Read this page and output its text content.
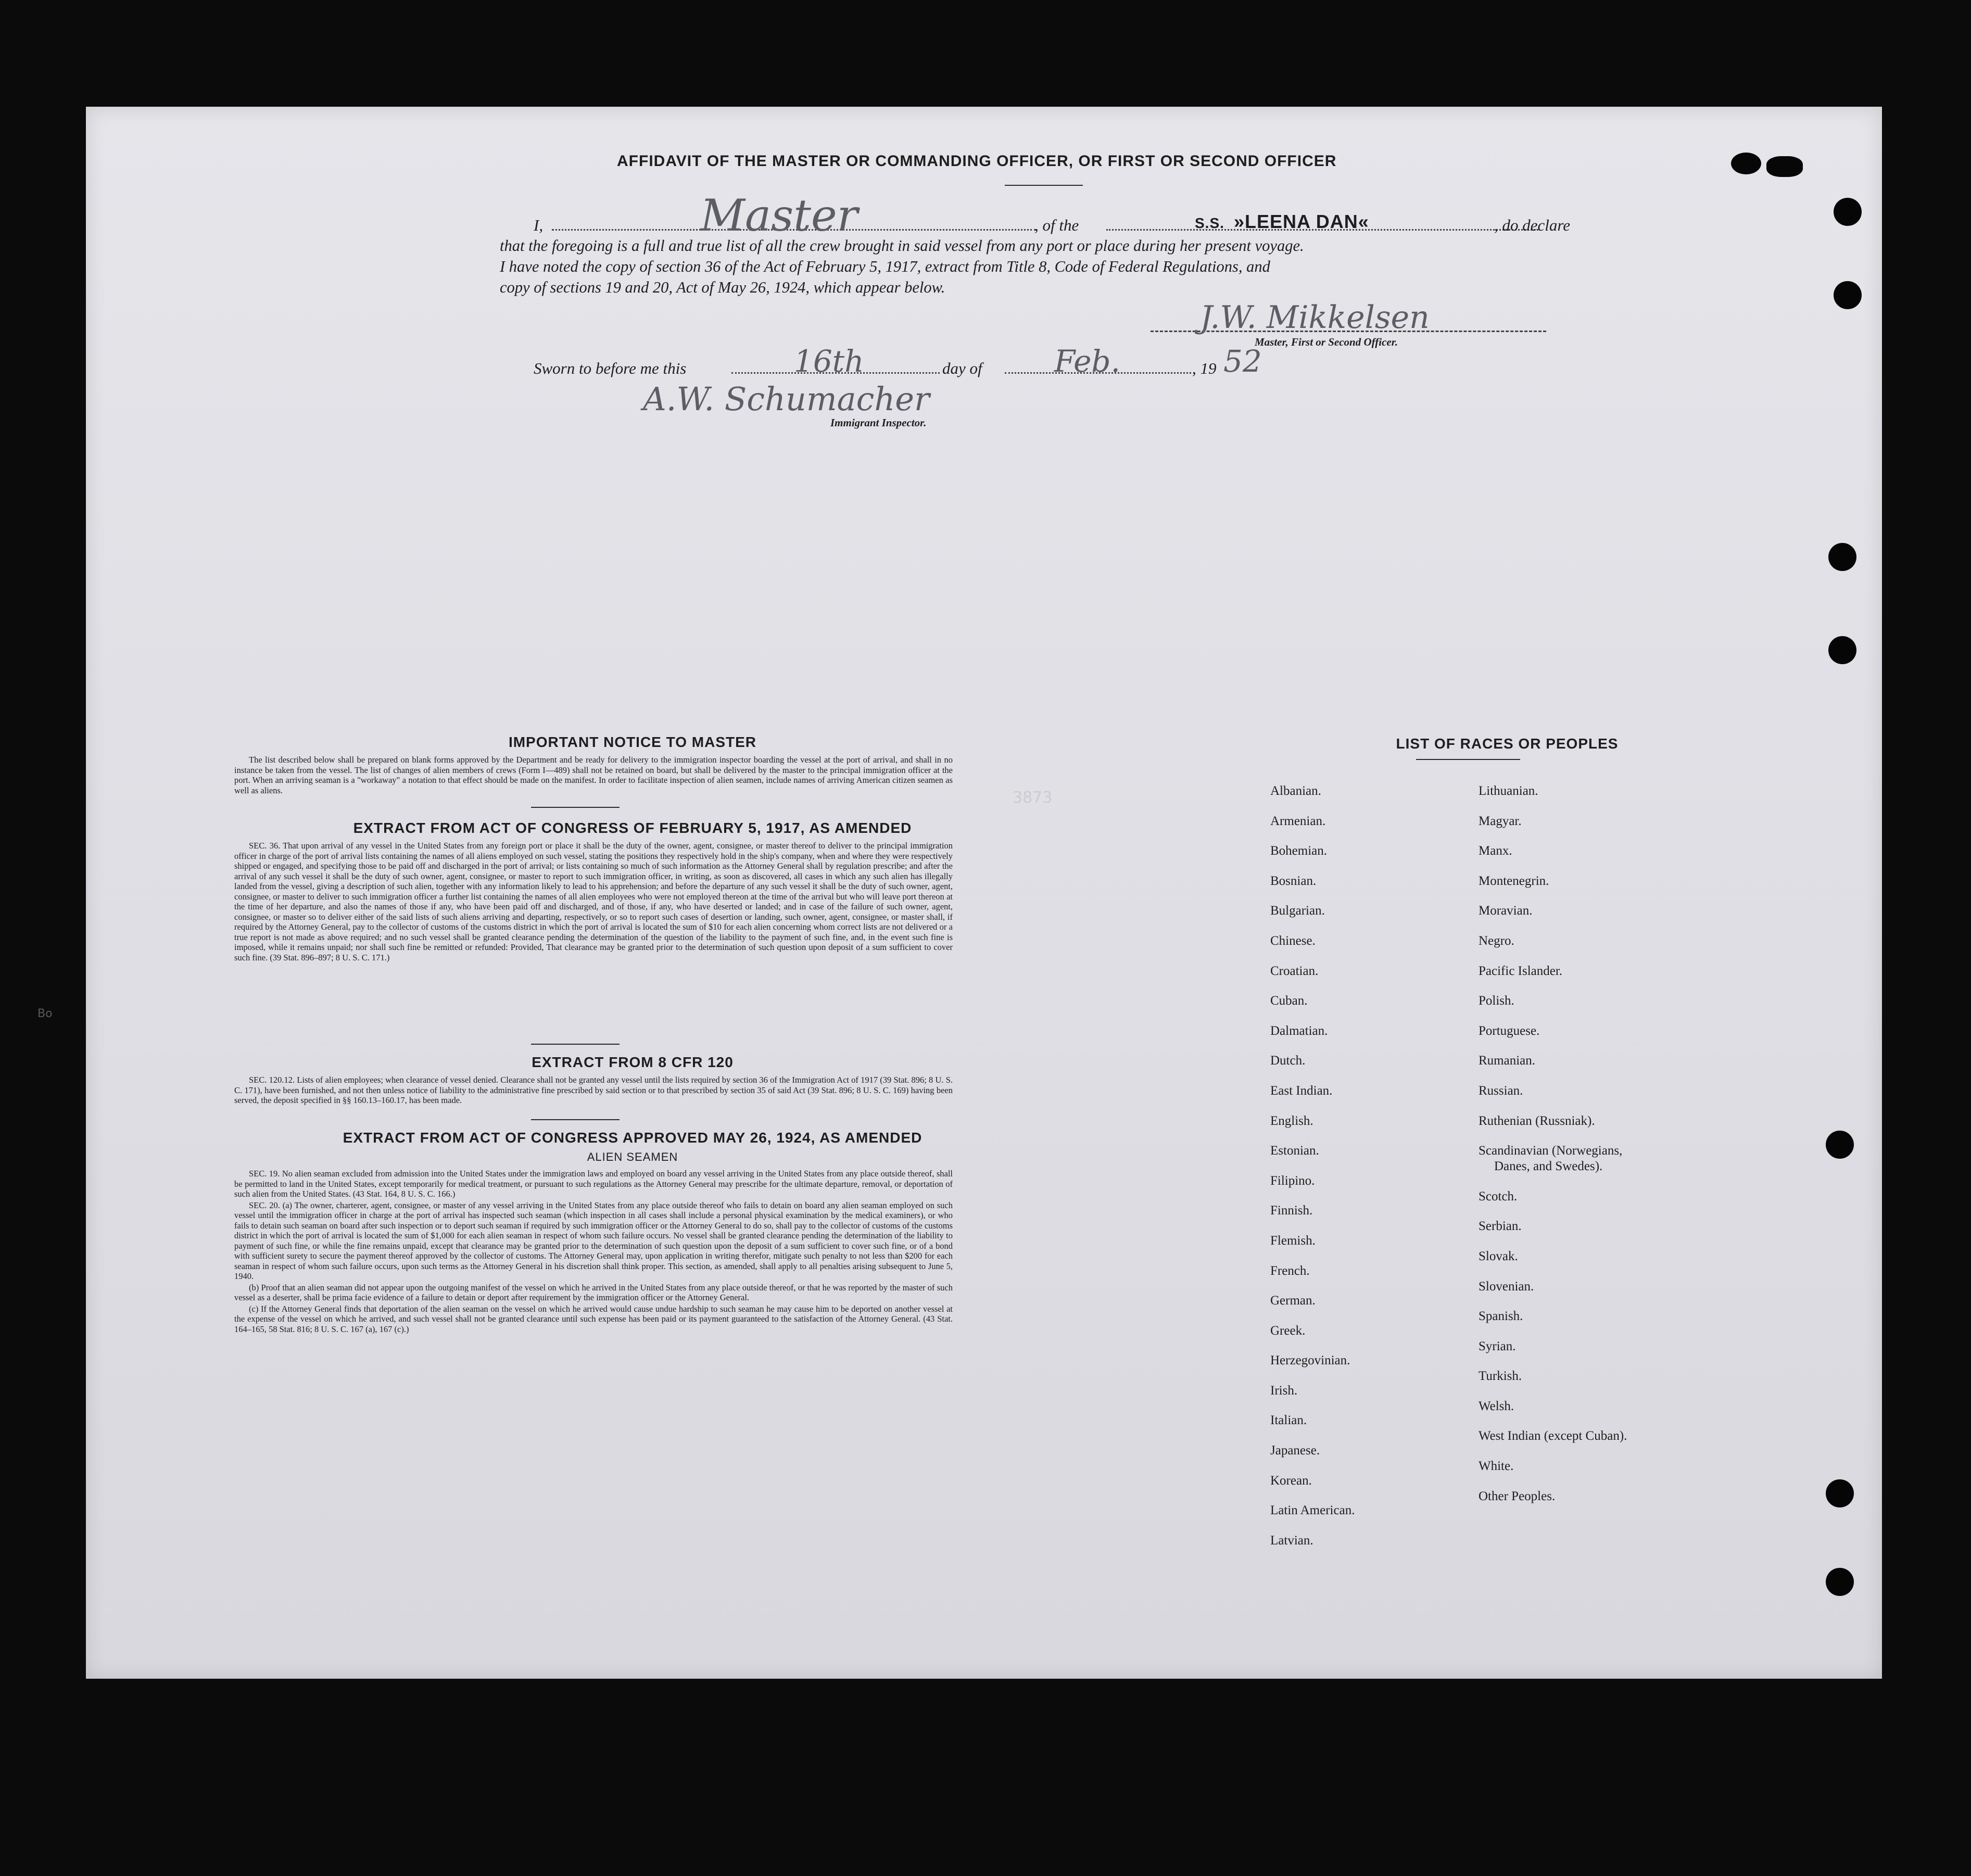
AFFIDAVIT OF THE MASTER OR COMMANDING OFFICER, OR FIRST OR SECOND OFFICER
I,	Master	, of the	S.S. »LEENA DAN«	, do declare
that the foregoing is a full and true list of all the crew brought in said vessel from any port or place during her present voyage.
I have noted the copy of section 36 of the Act of February 5, 1917, extract from Title 8, Code of Federal Regulations, and
copy of sections 19 and 20, Act of May 26, 1924, which appear below.
J.W. Mikkelsen
Master, First or Second Officer.
Sworn to before me this	16th	day of Feb.	, 19 52
A.W. Schumacher
Immigrant Inspector.
3873
IMPORTANT NOTICE TO MASTER

The list described below shall be prepared on blank forms approved by the Department and be ready for delivery to the immigration inspector boarding the vessel at the port of arrival, and shall in no instance be taken from the vessel. The list of changes of alien members of crews (Form I—489) shall not be retained on board, but shall be delivered by the master to the principal immigration officer at the port. When an arriving seaman is a "workaway" a notation to that effect should be made on the manifest. In order to facilitate inspection of alien seamen, include names of arriving American citizen seamen as well as aliens.

EXTRACT FROM ACT OF CONGRESS OF FEBRUARY 5, 1917, AS AMENDED

SEC. 36. That upon arrival of any vessel in the United States from any foreign port or place it shall be the duty of the owner, agent, consignee, or master thereof to deliver to the principal immigration officer in charge of the port of arrival lists containing the names of all aliens employed on such vessel, stating the positions they respectively hold in the ship's company, when and where they were respectively shipped or engaged, and specifying those to be paid off and discharged in the port of arrival; or lists containing so much of such information as the Attorney General shall by regulation prescribe; and after the arrival of any such vessel it shall be the duty of such owner, agent, consignee, or master to report to such immigration officer, in writing, as soon as discovered, all cases in which any such alien has illegally landed from the vessel, giving a description of such alien, together with any information likely to lead to his apprehension; and before the departure of any such vessel it shall be the duty of such owner, agent, consignee, or master to deliver to such immigration officer a further list containing the names of all alien employees who were not employed thereon at the time of the arrival but who will leave port thereon at the time of her departure, and also the names of those if any, who have been paid off and discharged, and of those, if any, who have deserted or landed; and in case of the failure of such owner, agent, consignee, or master so to deliver either of the said lists of such aliens arriving and departing, respectively, or so to report such cases of desertion or landing, such owner, agent, consignee, or master shall, if required by the Attorney General, pay to the collector of customs of the customs district in which the port of arrival is located the sum of $10 for each alien concerning whom correct lists are not delivered or a true report is not made as above required; and no such vessel shall be granted clearance pending the determination of the question of the liability to the payment of such fine, and, in the event such fine is imposed, while it remains unpaid; nor shall such fine be remitted or refunded: Provided, That clearance may be granted prior to the determination of such question upon deposit of a sum sufficient to cover such fine. (39 Stat. 896–897; 8 U. S. C. 171.)

EXTRACT FROM 8 CFR 120

SEC. 120.12. Lists of alien employees; when clearance of vessel denied. Clearance shall not be granted any vessel until the lists required by section 36 of the Immigration Act of 1917 (39 Stat. 896; 8 U. S. C. 171), have been furnished, and not then unless notice of liability to the administrative fine prescribed by said section or to that prescribed by section 35 of said Act (39 Stat. 896; 8 U. S. C. 169) having been served, the deposit specified in §§ 160.13–160.17, has been made.

EXTRACT FROM ACT OF CONGRESS APPROVED MAY 26, 1924, AS AMENDED
ALIEN SEAMEN

SEC. 19. No alien seaman excluded from admission into the United States under the immigration laws and employed on board any vessel arriving in the United States from any place outside thereof, shall be permitted to land in the United States, except temporarily for medical treatment, or pursuant to such regulations as the Attorney General may prescribe for the ultimate departure, removal, or deportation of such alien from the United States. (43 Stat. 164, 8 U. S. C. 166.)

SEC. 20. (a) The owner, charterer, agent, consignee, or master of any vessel arriving in the United States from any place outside thereof who fails to detain on board any alien seaman employed on such vessel until the immigration officer in charge at the port of arrival has inspected such seaman (which inspection in all cases shall include a personal physical examination by the medical examiners), or who fails to detain such seaman on board after such inspection or to deport such seaman if required by such immigration officer or the Attorney General to do so, shall pay to the collector of customs of the customs district in which the port of arrival is located the sum of $1,000 for each alien seaman in respect of whom such failure occurs. No vessel shall be granted clearance pending the determination of the liability to payment of such fine, or while the fine remains unpaid, except that clearance may be granted prior to the determination of such question upon the deposit of a sum sufficient to cover such fine, or of a bond with sufficient surety to secure the payment thereof approved by the collector of customs. The Attorney General may, upon application in writing therefor, mitigate such penalty to not less than $200 for each seaman in respect of whom such failure occurs, upon such terms as the Attorney General in his discretion shall think proper. This section, as amended, shall apply to all penalties arising subsequent to June 5, 1940.

(b) Proof that an alien seaman did not appear upon the outgoing manifest of the vessel on which he arrived in the United States from any place outside thereof, or that he was reported by the master of such vessel as a deserter, shall be prima facie evidence of a failure to detain or deport after requirement by the immigration officer or the Attorney General.

(c) If the Attorney General finds that deportation of the alien seaman on the vessel on which he arrived would cause undue hardship to such seaman he may cause him to be deported on another vessel at the expense of the vessel on which he arrived, and such vessel shall not be granted clearance until such expense has been paid or its payment guaranteed to the satisfaction of the Attorney General. (43 Stat. 164–165, 58 Stat. 816; 8 U. S. C. 167 (a), 167 (c).)

LIST OF RACES OR PEOPLES
Albanian.
Armenian.
Bohemian.
Bosnian.
Bulgarian.
Chinese.
Croatian.
Cuban.
Dalmatian.
Dutch.
East Indian.
English.
Estonian.
Filipino.
Finnish.
Flemish.
French.
German.
Greek.
Herzegovinian.
Irish.
Italian.
Japanese.
Korean.
Latin American.
Latvian.
Lithuanian.
Magyar.
Manx.
Montenegrin.
Moravian.
Negro.
Pacific Islander.
Polish.
Portuguese.
Rumanian.
Russian.
Ruthenian (Russniak).
Scandinavian (Norwegians,
Danes, and Swedes).
Scotch.
Serbian.
Slovak.
Slovenian.
Spanish.
Syrian.
Turkish.
Welsh.
West Indian (except Cuban).
White.
Other Peoples.
Bo
